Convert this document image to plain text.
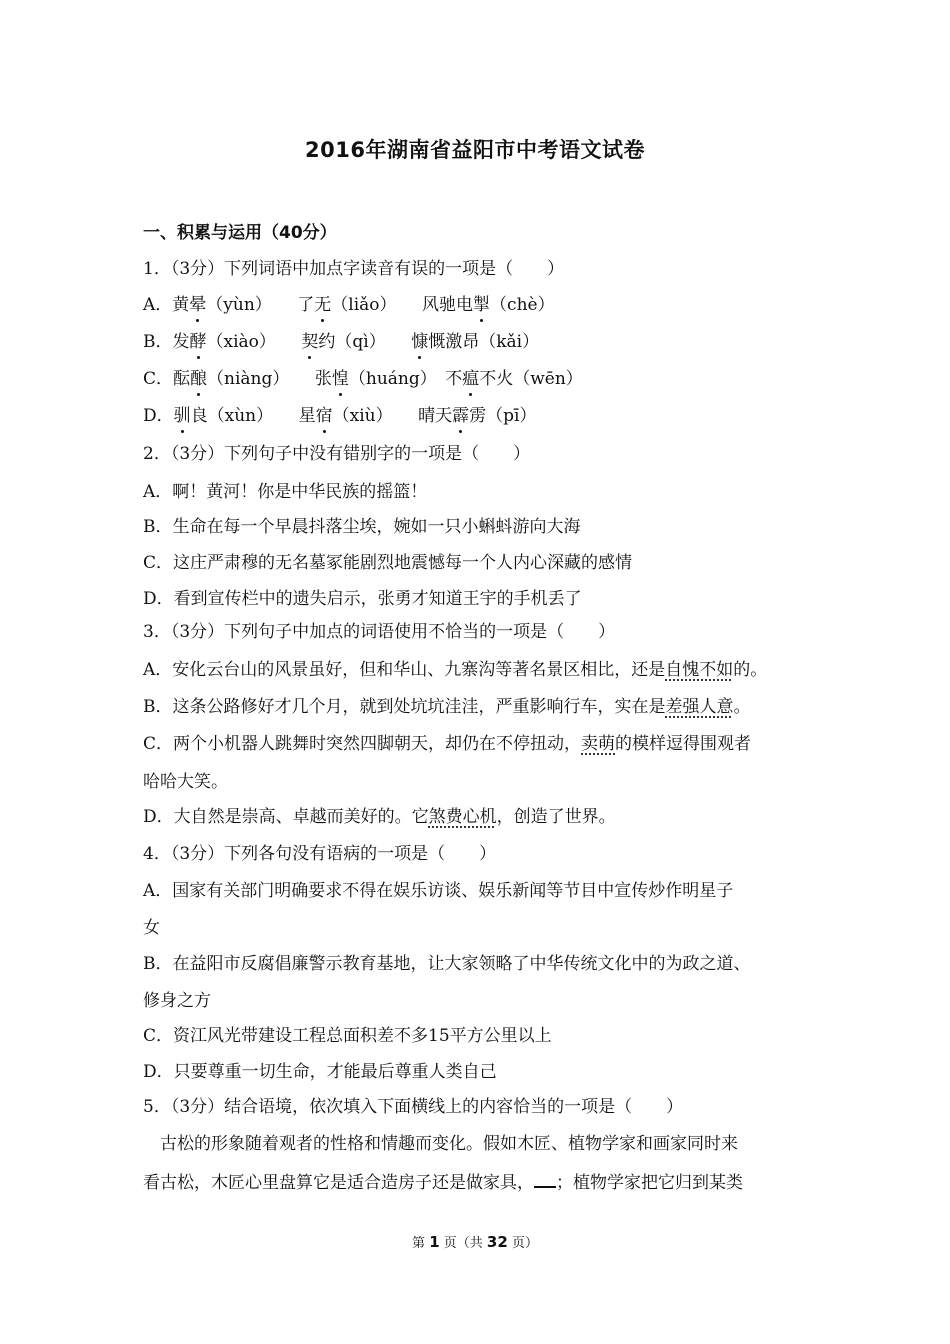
2016年湖南省益阳市中考语文试卷
一、积累与运用（40分）
1．（3分）下列词语中加点字读音有误的一项是（　　）
A．黄晕（yùn）　　了无（liǎo）　　风驰电掣（chè）
B．发酵（xiào）　　契约（qì）　　慷慨激昂（kǎi）
C．酝酿（niàng）　　张惶（huáng）　不瘟不火（wēn）
D．驯良（xùn）　　星宿（xiù）　　晴天霹雳（pī）
2．（3分）下列句子中没有错别字的一项是（　　）
A．啊！黄河！你是中华民族的摇篮！
B．生命在每一个早晨抖落尘埃，婉如一只小蝌蚪游向大海
C．这庄严肃穆的无名墓冢能剧烈地震憾每一个人内心深藏的感情
D．看到宣传栏中的遗失启示，张勇才知道王宇的手机丢了
3．（3分）下列句子中加点的词语使用不恰当的一项是（　　）
A．安化云台山的风景虽好，但和华山、九寨沟等著名景区相比，还是自愧不如的。
B．这条公路修好才几个月，就到处坑坑洼洼，严重影响行车，实在是差强人意。
C．两个小机器人跳舞时突然四脚朝天，却仍在不停扭动，卖萌的模样逗得围观者
哈哈大笑。
D．大自然是崇高、卓越而美好的。它煞费心机，创造了世界。
4．（3分）下列各句没有语病的一项是（　　）
A．国家有关部门明确要求不得在娱乐访谈、娱乐新闻等节目中宣传炒作明星子
女
B．在益阳市反腐倡廉警示教育基地，让大家领略了中华传统文化中的为政之道、
修身之方
C．资江风光带建设工程总面积差不多15平方公里以上
D．只要尊重一切生命，才能最后尊重人类自己
5．（3分）结合语境，依次填入下面横线上的内容恰当的一项是（　　）
　古松的形象随着观者的性格和情趣而变化。假如木匠、植物学家和画家同时来
看古松，木匠心里盘算它是适合造房子还是做家具， ；植物学家把它归到某类
第 1 页（共 32 页）
